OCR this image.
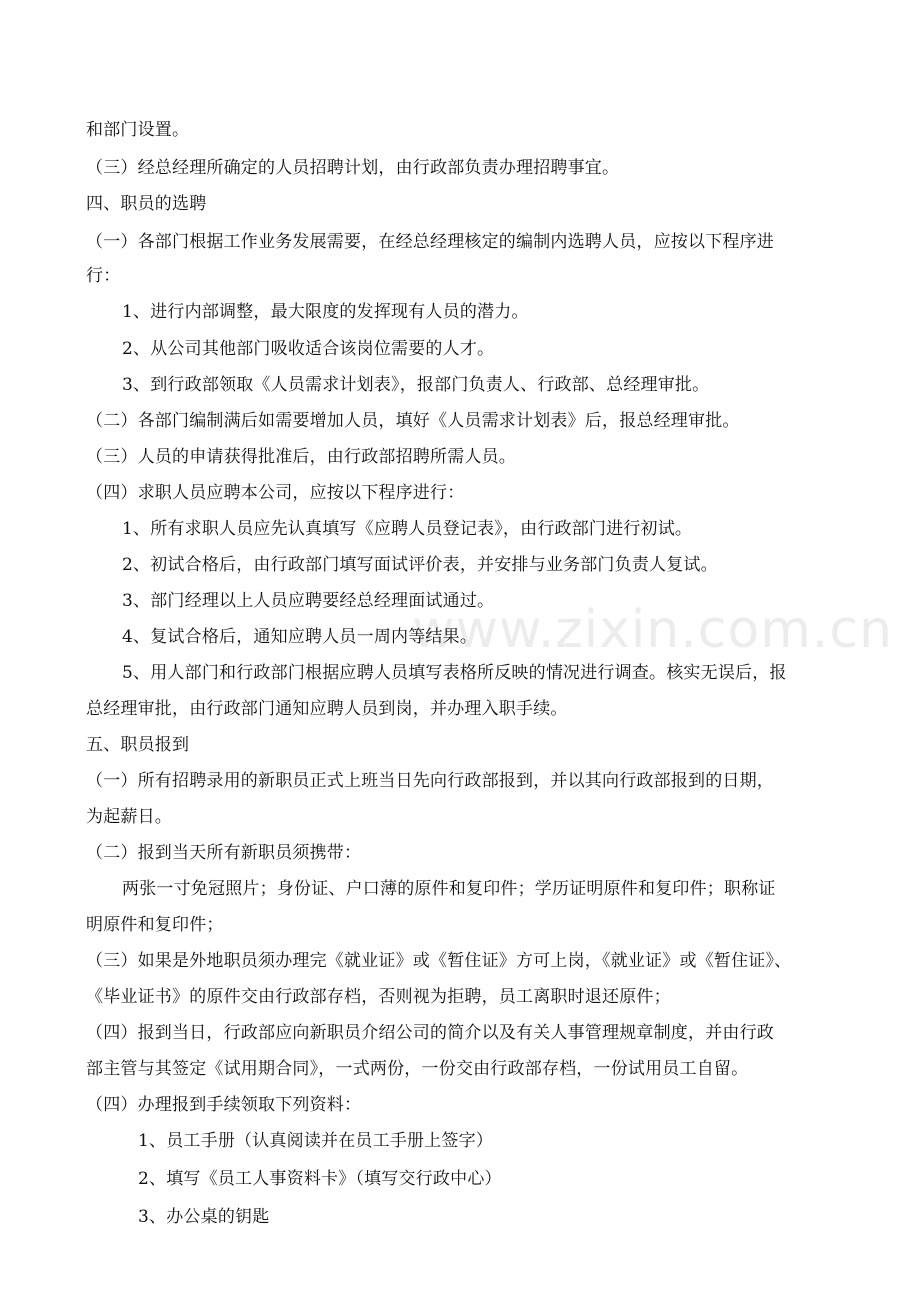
www.zixin.com.cn
和部门设置。
（三）经总经理所确定的人员招聘计划，由行政部负责办理招聘事宜。
四、职员的选聘
（一）各部门根据工作业务发展需要，在经总经理核定的编制内选聘人员，应按以下程序进
行：
1、进行内部调整，最大限度的发挥现有人员的潜力。
2、从公司其他部门吸收适合该岗位需要的人才。
3、到行政部领取《人员需求计划表》，报部门负责人、行政部、总经理审批。
（二）各部门编制满后如需要增加人员，填好《人员需求计划表》后，报总经理审批。
（三）人员的申请获得批准后，由行政部招聘所需人员。
（四）求职人员应聘本公司，应按以下程序进行：
1、所有求职人员应先认真填写《应聘人员登记表》，由行政部门进行初试。
2、初试合格后，由行政部门填写面试评价表，并安排与业务部门负责人复试。
3、部门经理以上人员应聘要经总经理面试通过。
4、复试合格后，通知应聘人员一周内等结果。
5、用人部门和行政部门根据应聘人员填写表格所反映的情况进行调查。核实无误后，报
总经理审批，由行政部门通知应聘人员到岗，并办理入职手续。
五、职员报到
（一）所有招聘录用的新职员正式上班当日先向行政部报到，并以其向行政部报到的日期，
为起薪日。
（二）报到当天所有新职员须携带：
两张一寸免冠照片；身份证、户口薄的原件和复印件；学历证明原件和复印件；职称证
明原件和复印件；
（三）如果是外地职员须办理完《就业证》或《暂住证》方可上岗，《就业证》或《暂住证》、
《毕业证书》的原件交由行政部存档，否则视为拒聘，员工离职时退还原件；
（四）报到当日，行政部应向新职员介绍公司的简介以及有关人事管理规章制度，并由行政
部主管与其签定《试用期合同》，一式两份，一份交由行政部存档，一份试用员工自留。
（四）办理报到手续领取下列资料：
1、员工手册（认真阅读并在员工手册上签字）
2、填写《员工人事资料卡》（填写交行政中心）
3、办公桌的钥匙
